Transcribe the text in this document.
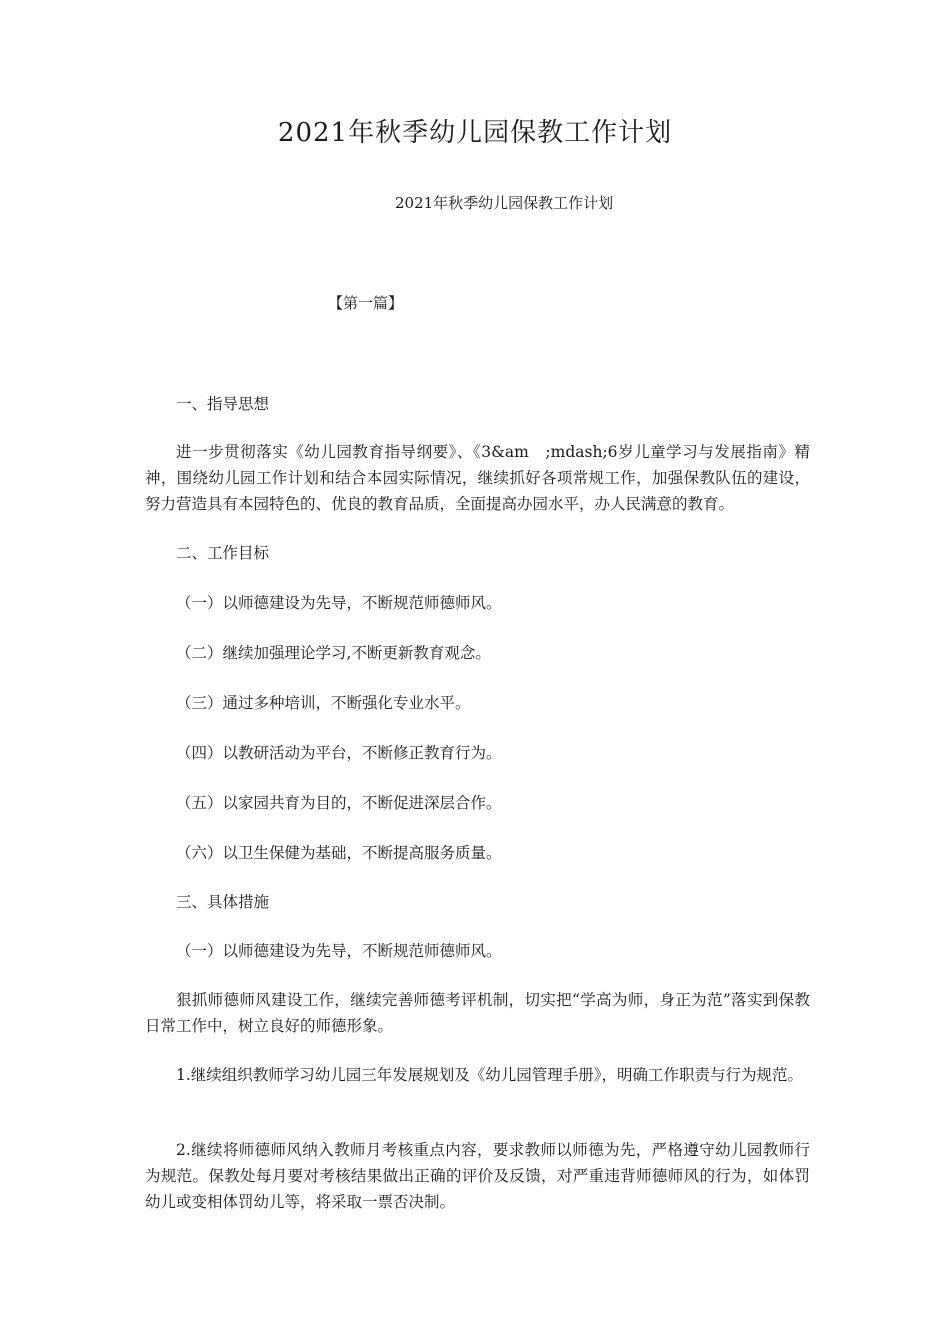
2021年秋季幼儿园保教工作计划
2021年秋季幼儿园保教工作计划
【第一篇】
一、指导思想
进一步贯彻落实《幼儿园教育指导纲要》、《3&am　;mdash;6岁儿童学习与发展指南》精神，围绕幼儿园工作计划和结合本园实际情况，继续抓好各项常规工作，加强保教队伍的建设，努力营造具有本园特色的、优良的教育品质，全面提高办园水平，办人民满意的教育。
二、工作目标
（一）以师德建设为先导，不断规范师德师风。
（二）继续加强理论学习,不断更新教育观念。
（三）通过多种培训，不断强化专业水平。
（四）以教研活动为平台，不断修正教育行为。
（五）以家园共育为目的，不断促进深层合作。
（六）以卫生保健为基础，不断提高服务质量。
三、具体措施
（一）以师德建设为先导，不断规范师德师风。
狠抓师德师风建设工作，继续完善师德考评机制，切实把“学高为师，身正为范”落实到保教日常工作中，树立良好的师德形象。
1.继续组织教师学习幼儿园三年发展规划及《幼儿园管理手册》，明确工作职责与行为规范。
2.继续将师德师风纳入教师月考核重点内容，要求教师以师德为先，严格遵守幼儿园教师行为规范。保教处每月要对考核结果做出正确的评价及反馈，对严重违背师德师风的行为，如体罚幼儿或变相体罚幼儿等，将采取一票否决制。
